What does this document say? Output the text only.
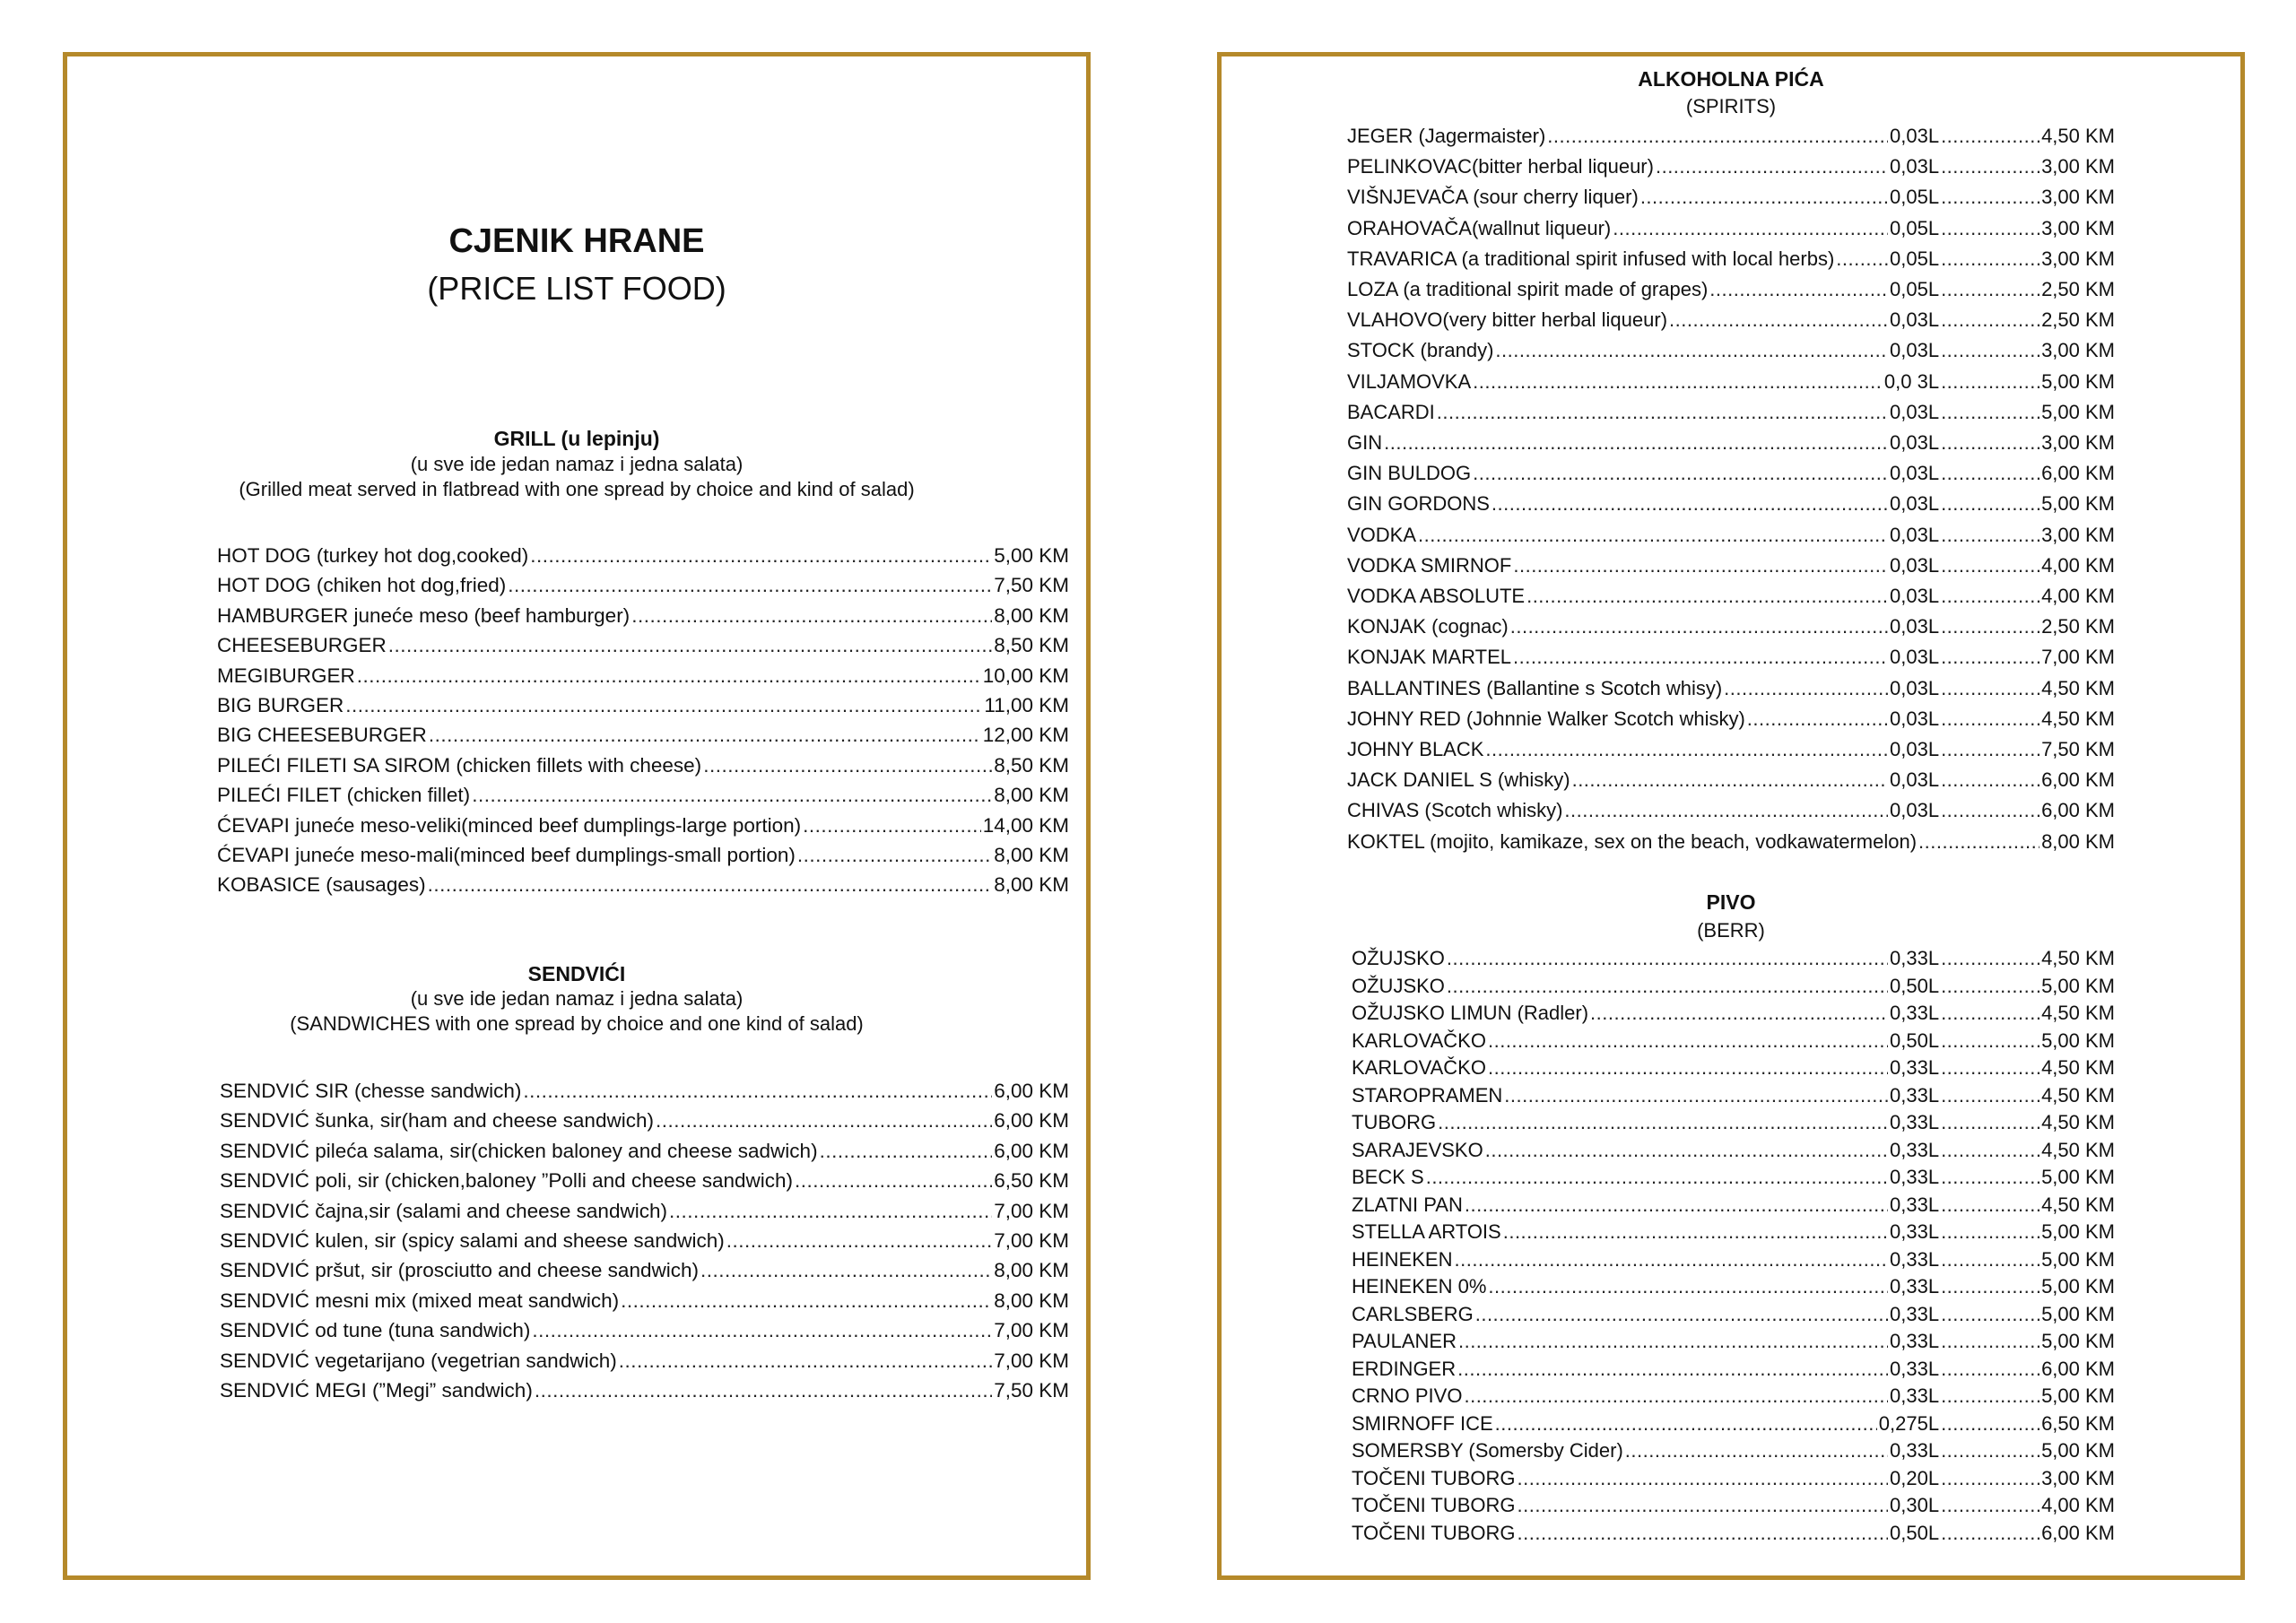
CJENIK HRANE
(PRICE LIST FOOD)
GRILL (u lepinju)
(u sve ide jedan namaz i jedna salata)
(Grilled meat served in flatbread with one spread by choice and kind of salad)
HOT DOG (turkey hot dog,cooked) .....	5,00 KM
HOT DOG (chiken hot dog,fried) .....	7,50 KM
HAMBURGER juneće meso (beef hamburger) .....	8,00 KM
CHEESEBURGER .....	8,50 KM
MEGIBURGER .....	10,00 KM
BIG BURGER .....	11,00 KM
BIG CHEESEBURGER .....	12,00 KM
PILEĆI FILETI SA SIROM (chicken fillets with cheese) .....	8,50 KM
PILEĆI FILET (chicken fillet) .....	8,00 KM
ĆEVAPI juneće meso-veliki(minced beef dumplings-large portion) .....	14,00 KM
ĆEVAPI juneće meso-mali(minced beef dumplings-small portion) .....	8,00 KM
KOBASICE (sausages) .....	8,00 KM
SENDVIĆI
(u sve ide jedan namaz i jedna salata)
(SANDWICHES with one spread by choice and one kind of salad)
SENDVIĆ SIR (chesse sandwich) .....	6,00 KM
SENDVIĆ šunka, sir(ham and cheese sandwich) .....	6,00 KM
SENDVIĆ pileća salama, sir(chicken baloney and cheese sadwich) .....	6,00 KM
SENDVIĆ poli, sir (chicken,baloney ”Polli and cheese sandwich) .....	6,50 KM
SENDVIĆ čajna,sir (salami and cheese sandwich) .....	7,00 KM
SENDVIĆ kulen, sir (spicy salami and sheese sandwich) .....	7,00 KM
SENDVIĆ pršut, sir (prosciutto and cheese sandwich) .....	8,00 KM
SENDVIĆ mesni mix (mixed meat sandwich) .....	8,00 KM
SENDVIĆ od tune (tuna sandwich) .....	7,00 KM
SENDVIĆ vegetarijano (vegetrian sandwich) .....	7,00 KM
SENDVIĆ MEGI (”Megi” sandwich) .....	7,50 KM
ALKOHOLNA PIĆA
(SPIRITS)
JEGER (Jagermaister) .....	0,03L .....	4,50 KM
PELINKOVAC(bitter herbal liqueur) .....	0,03L .....	3,00 KM
VIŠNJEVAČA (sour cherry liquer) .....	0,05L .....	3,00 KM
ORAHOVAČA(wallnut liqueur) .....	0,05L .....	3,00 KM
TRAVARICA (a traditional spirit infused with local herbs) .....	0,05L .....	3,00 KM
LOZA (a traditional spirit made of grapes) .....	0,05L .....	2,50 KM
VLAHOVO(very bitter herbal liqueur) .....	0,03L .....	2,50 KM
STOCK (brandy) .....	0,03L .....	3,00 KM
VILJAMOVKA .....	0,0 3L .....	5,00 KM
BACARDI .....	0,03L .....	5,00 KM
GIN .....	0,03L .....	3,00 KM
GIN BULDOG .....	0,03L .....	6,00 KM
GIN GORDONS .....	0,03L .....	5,00 KM
VODKA .....	0,03L .....	3,00 KM
VODKA SMIRNOF .....	0,03L .....	4,00 KM
VODKA ABSOLUTE .....	0,03L .....	4,00 KM
KONJAK (cognac) .....	0,03L .....	2,50 KM
KONJAK MARTEL .....	0,03L .....	7,00 KM
BALLANTINES (Ballantine s Scotch whisy) .....	0,03L .....	4,50 KM
JOHNY RED (Johnnie Walker Scotch whisky) .....	0,03L .....	4,50 KM
JOHNY BLACK .....	0,03L .....	7,50 KM
JACK DANIEL S (whisky) .....	0,03L .....	6,00 KM
CHIVAS (Scotch whisky) .....	0,03L .....	6,00 KM
KOKTEL (mojito, kamikaze, sex on the beach, vodkawatermelon) .....	8,00 KM
PIVO
(BERR)
OŽUJSKO .....	0,33L .....	4,50 KM
OŽUJSKO .....	0,50L .....	5,00 KM
OŽUJSKO LIMUN (Radler) .....	0,33L .....	4,50 KM
KARLOVAČKO .....	0,50L .....	5,00 KM
KARLOVAČKO .....	0,33L .....	4,50 KM
STAROPRAMEN .....	0,33L .....	4,50 KM
TUBORG .....	0,33L .....	4,50 KM
SARAJEVSKO .....	0,33L .....	4,50 KM
BECK S .....	0,33L .....	5,00 KM
ZLATNI PAN .....	0,33L .....	4,50 KM
STELLA ARTOIS .....	0,33L .....	5,00 KM
HEINEKEN .....	0,33L .....	5,00 KM
HEINEKEN 0% .....	0,33L .....	5,00 KM
CARLSBERG .....	0,33L .....	5,00 KM
PAULANER .....	0,33L .....	5,00 KM
ERDINGER .....	0,33L .....	6,00 KM
CRNO PIVO .....	0,33L .....	5,00 KM
SMIRNOFF ICE .....	0,275L .....	6,50 KM
SOMERSBY (Somersby Cider) .....	0,33L .....	5,00 KM
TOČENI TUBORG .....	0,20L .....	3,00 KM
TOČENI TUBORG .....	0,30L .....	4,00 KM
TOČENI TUBORG .....	0,50L .....	6,00 KM
